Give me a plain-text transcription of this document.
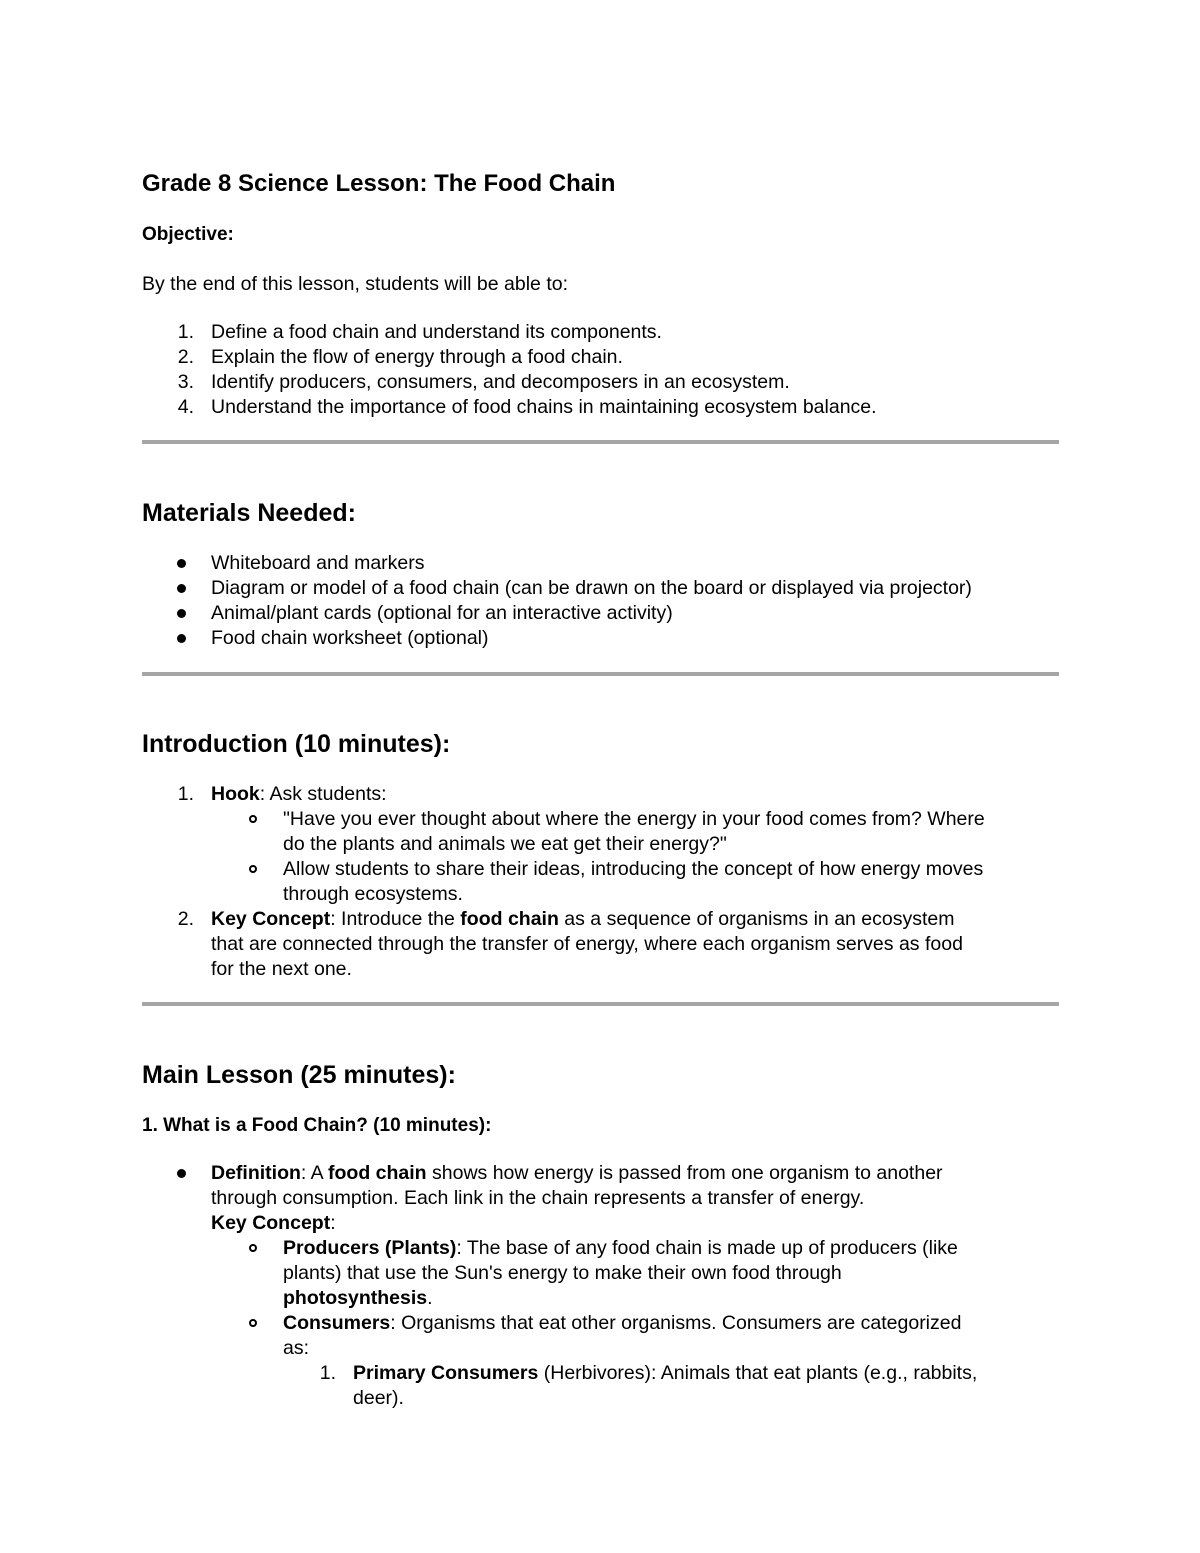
Grade 8 Science Lesson: The Food Chain
Objective:
By the end of this lesson, students will be able to:
1. Define a food chain and understand its components.
2. Explain the flow of energy through a food chain.
3. Identify producers, consumers, and decomposers in an ecosystem.
4. Understand the importance of food chains in maintaining ecosystem balance.
Materials Needed:
Whiteboard and markers
Diagram or model of a food chain (can be drawn on the board or displayed via projector)
Animal/plant cards (optional for an interactive activity)
Food chain worksheet (optional)
Introduction (10 minutes):
1. Hook: Ask students:
"Have you ever thought about where the energy in your food comes from? Where
do the plants and animals we eat get their energy?"
Allow students to share their ideas, introducing the concept of how energy moves
through ecosystems.
2. Key Concept: Introduce the food chain as a sequence of organisms in an ecosystem
that are connected through the transfer of energy, where each organism serves as food
for the next one.
Main Lesson (25 minutes):
1. What is a Food Chain? (10 minutes):
Definition: A food chain shows how energy is passed from one organism to another
through consumption. Each link in the chain represents a transfer of energy.
Key Concept:
Producers (Plants): The base of any food chain is made up of producers (like
plants) that use the Sun's energy to make their own food through
photosynthesis.
Consumers: Organisms that eat other organisms. Consumers are categorized
as:
1. Primary Consumers (Herbivores): Animals that eat plants (e.g., rabbits,
deer).
